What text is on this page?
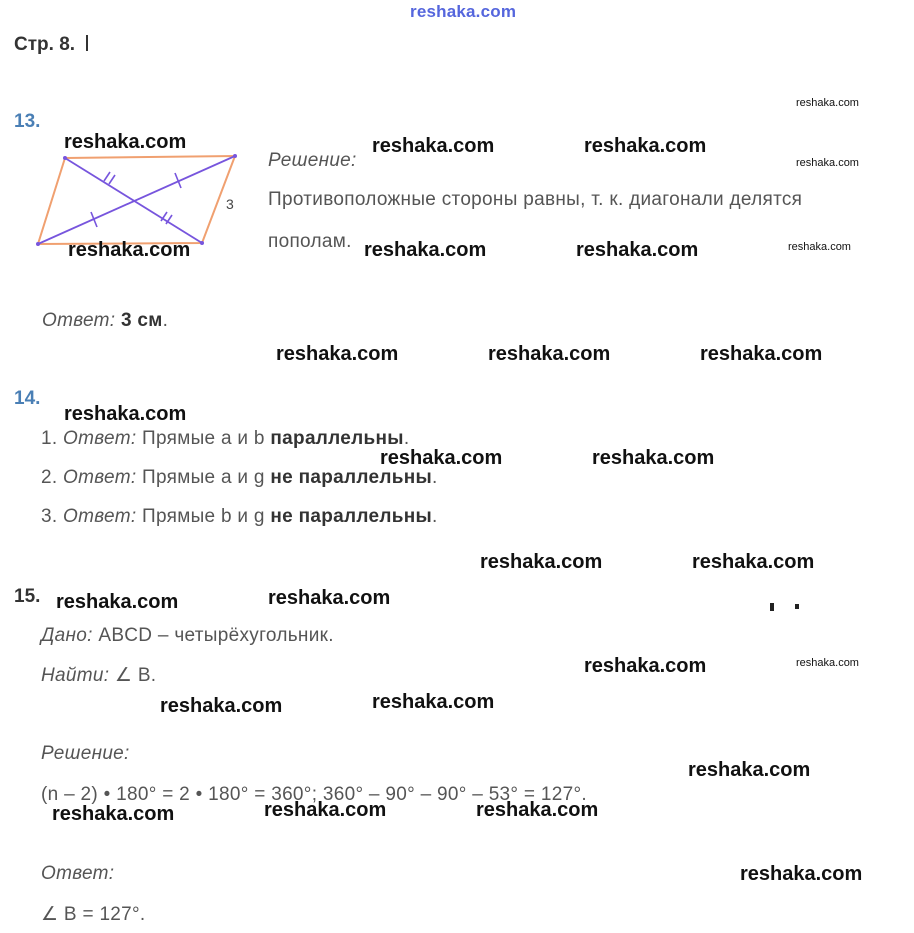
reshaka.com
Стр. 8.
13.
3
Решение:
Противоположные стороны равны, т. к. диагонали делятся
пополам.
Ответ: 3 см.
14.
1. Ответ: Прямые a и b параллельны.
2. Ответ: Прямые a и g не параллельны.
3. Ответ: Прямые b и g не параллельны.
15.
Дано: ABCD – четырёхугольник.
Найти: ∠ B.
Решение:
(n – 2) • 180° = 2 • 180° = 360°; 360° – 90° – 90° – 53° = 127°.
Ответ:
∠ B = 127°.
reshaka.com	reshaka.com	reshaka.com
reshaka.com	reshaka.com	reshaka.com
reshaka.com
reshaka.com
reshaka.com
reshaka.com	reshaka.com	reshaka.com
reshaka.com
reshaka.com	reshaka.com
reshaka.com	reshaka.com
reshaka.com	reshaka.com
reshaka.com	reshaka.com
reshaka.com	reshaka.com
reshaka.com
reshaka.com	reshaka.com	reshaka.com
reshaka.com
